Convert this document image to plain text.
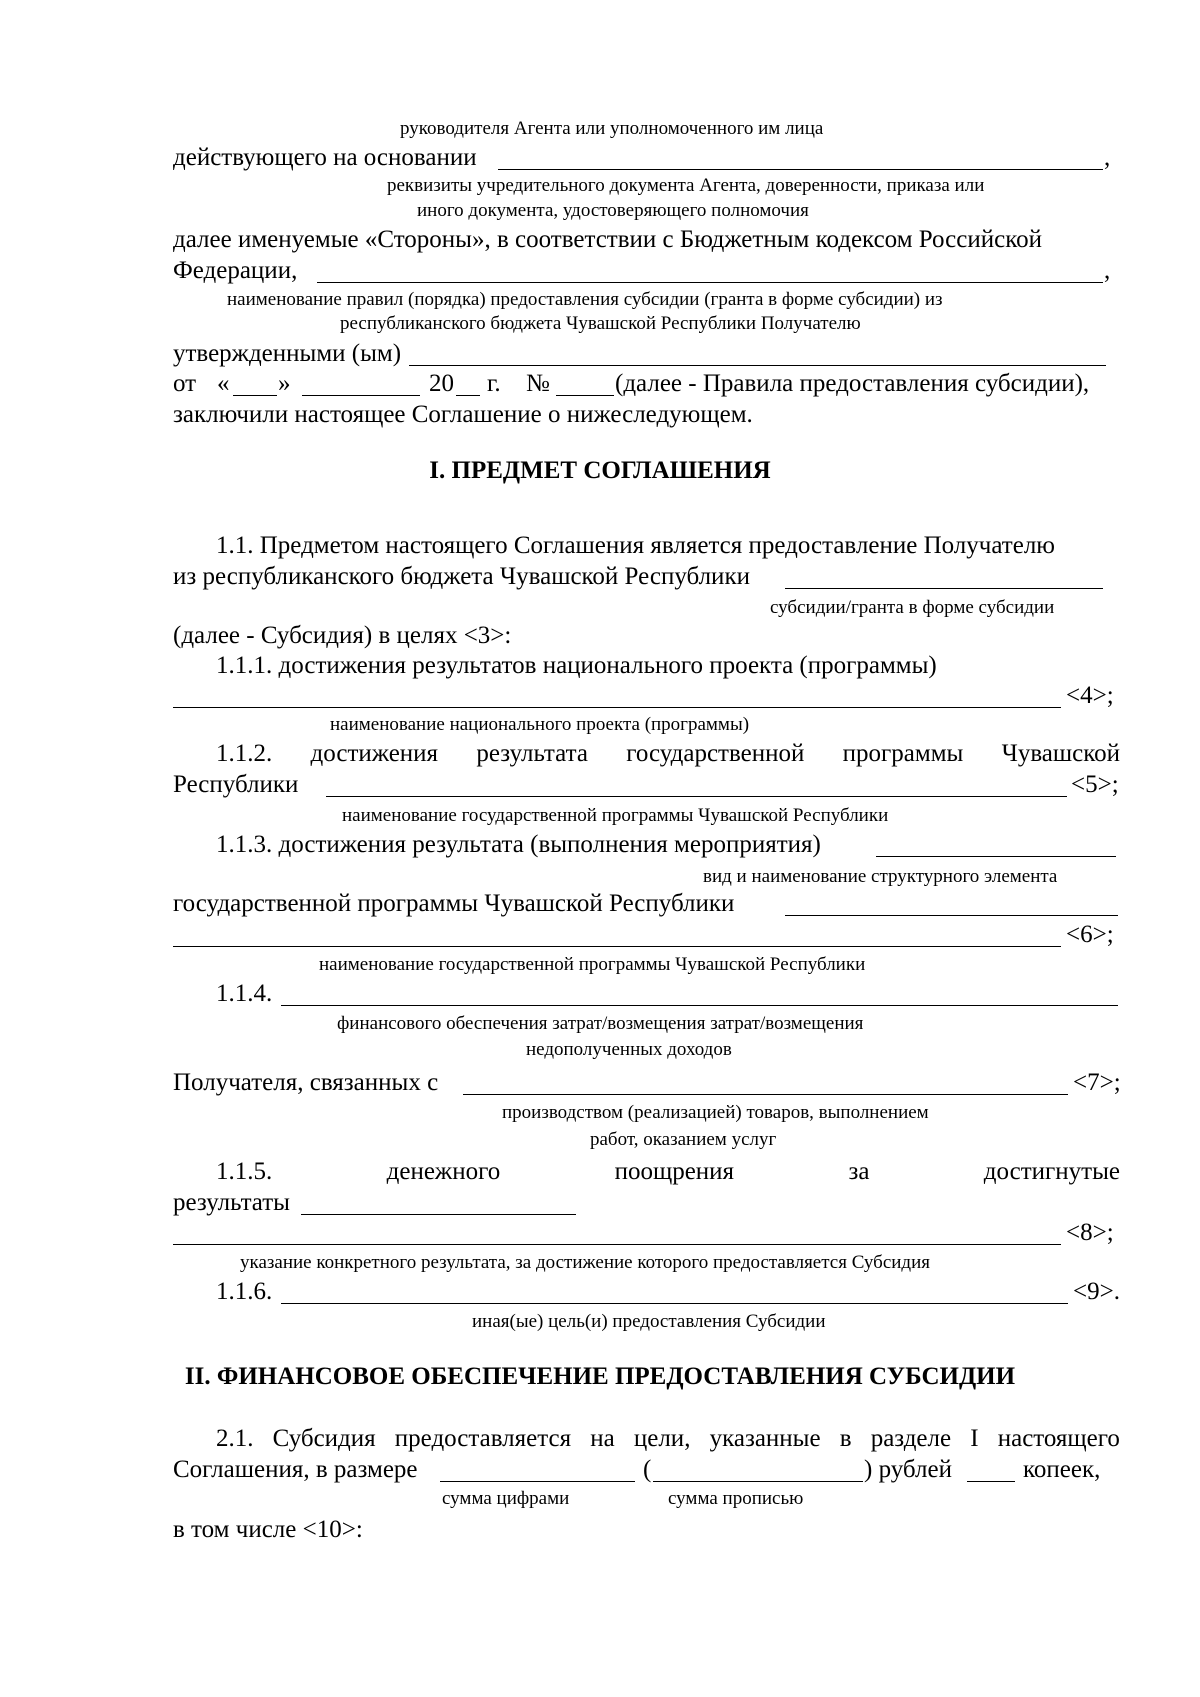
руководителя Агента или уполномоченного им лица
действующего на основании	,
реквизиты учредительного документа Агента, доверенности, приказа или
иного документа, удостоверяющего полномочия
далее именуемые «Стороны», в соответствии с Бюджетным кодексом Российской
Федерации,	,
наименование правил (порядка) предоставления субсидии (гранта в форме субсидии) из
республиканского бюджета Чувашской Республики Получателю
утвержденными (ым)
от « »	20 г. №	(далее - Правила предоставления субсидии),
заключили настоящее Соглашение о нижеследующем.
I. ПРЕДМЕТ СОГЛАШЕНИЯ
1.1. Предметом настоящего Соглашения является предоставление Получателю
из республиканского бюджета Чувашской Республики
субсидии/гранта в форме субсидии
(далее - Субсидия) в целях <3>:
1.1.1. достижения результатов национального проекта (программы)
<4>;
наименование национального проекта (программы)
1.1.2. достижения результата государственной программы Чувашской
Республики	<5>;
наименование государственной программы Чувашской Республики
1.1.3. достижения результата (выполнения мероприятия)
вид и наименование структурного элемента
государственной программы Чувашской Республики
<6>;
наименование государственной программы Чувашской Республики
1.1.4.
финансового обеспечения затрат/возмещения затрат/возмещения
недополученных доходов
Получателя, связанных с	<7>;
производством (реализацией) товаров, выполнением
работ, оказанием услуг
1.1.5.	денежного	поощрения	за	достигнутые
результаты
<8>;
указание конкретного результата, за достижение которого предоставляется Субсидия
1.1.6.	<9>.
иная(ые) цель(и) предоставления Субсидии
II. ФИНАНСОВОЕ ОБЕСПЕЧЕНИЕ ПРЕДОСТАВЛЕНИЯ СУБСИДИИ
2.1. Субсидия предоставляется на цели, указанные в разделе I настоящего
Соглашения, в размере	(	) рублей	копеек,
сумма цифрами	сумма прописью
в том числе <10>:
